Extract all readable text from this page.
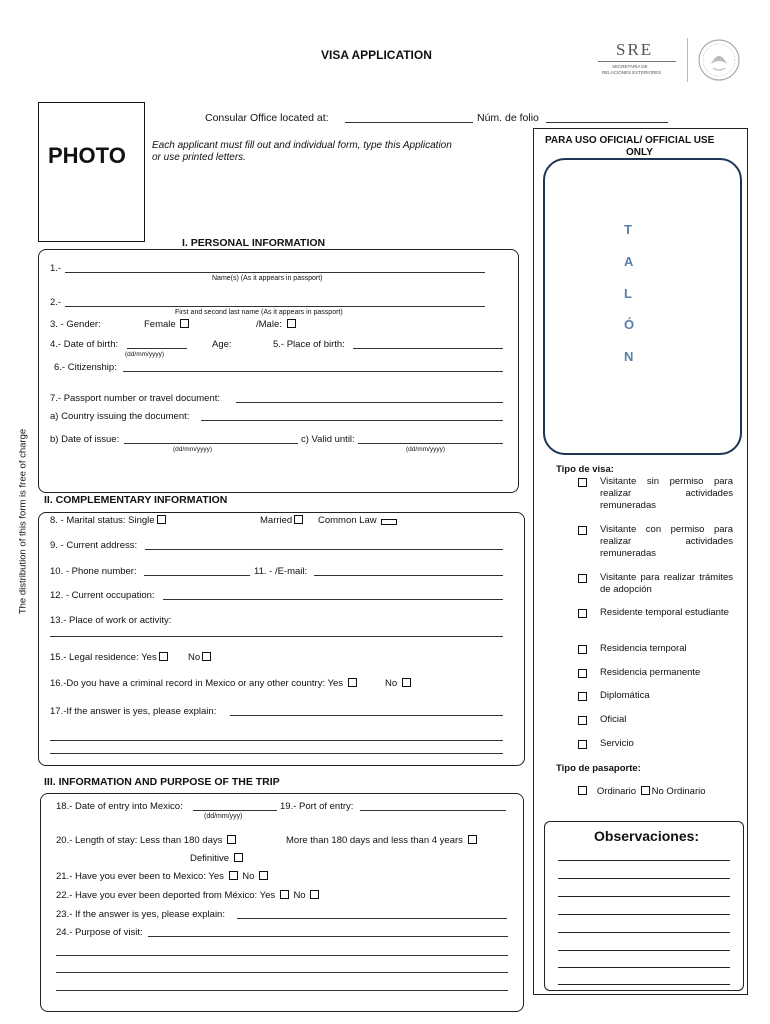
VISA APPLICATION	SRE
SECRETARÍA DE
RELACIONES EXTERIORES
PHOTO
Consular Office located at:	Núm. de folio
Each applicant must fill out and individual form, type this Application or use printed letters.
The distribution of this form is free of charge
I. PERSONAL INFORMATION
1.-
Name(s) (As it appears in passport)
2.-
First and second last name (As it appears in passport)
3. - Gender:	Female	/Male:
4.- Date of birth:
(dd/mm/yyyy)
Age:	5.- Place of birth:
6.- Citizenship:
7.- Passport number or travel document:
a) Country issuing the document:
b) Date of issue:
(dd/mm/yyyy)
c) Valid until:
(dd/mm/yyyy)
II. COMPLEMENTARY INFORMATION
8. - Marital status: Single	Married	Common Law
9. - Current address:
10. - Phone number:	11. - /E-mail:
12. - Current occupation:
13.- Place of work or activity:
15.- Legal residence: Yes	No
16.-Do you have a criminal record in Mexico or any other country: Yes	No
17.-If the answer is yes, please explain:
III. INFORMATION AND PURPOSE OF THE TRIP
18.- Date of entry into Mexico:
(dd/mm/yyy)
19.- Port of entry:
20.- Length of stay: Less than 180 days	More than 180 days and less than 4 years
Definitive
21.- Have you ever been to Mexico: Yes No
22.- Have you ever been deported from México: Yes No
23.- If the answer is yes, please explain:
24.- Purpose of visit:
PARA USO OFICIAL/ OFFICIAL USE
ONLY
T
A
L
Ó
N
Tipo de visa:
Visitante sin permiso para realizar actividades remuneradas
Visitante con permiso para realizar actividades remuneradas
Visitante para realizar trámites de adopción
Residente temporal estudiante
Residencia temporal
Residencia permanente
Diplomática
Oficial
Servicio
Tipo de pasaporte:
Ordinario No Ordinario
Observaciones:
